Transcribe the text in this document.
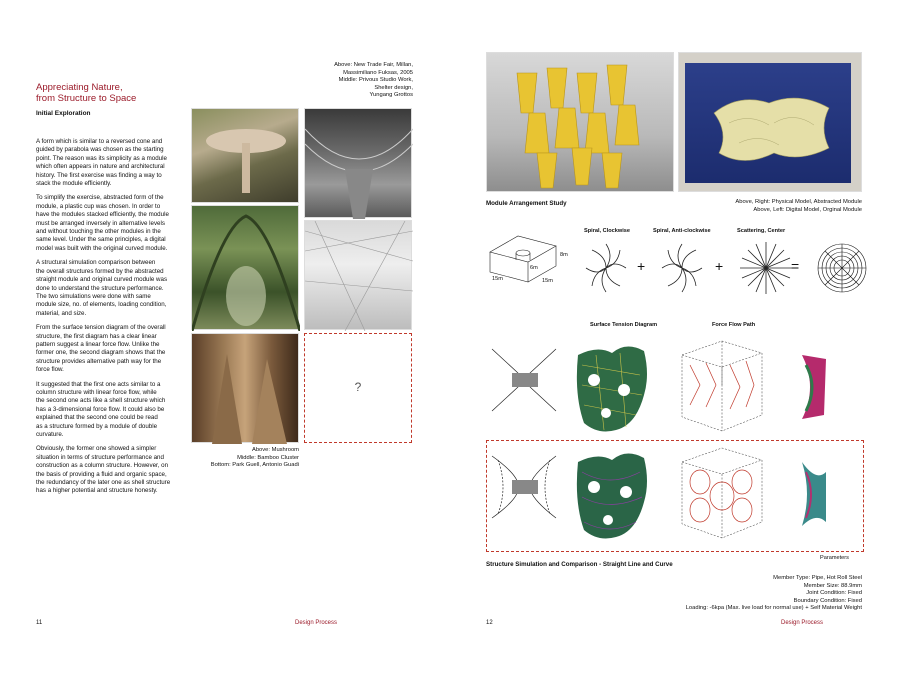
Appreciating Nature,
from Structure to Space
Initial Exploration
Above: New Trade Fair, Millan,
Massimiliano Fuksas, 2005
Middle: Privous Studio Work,
Shelter design,
Yungang Grottos

A form which is similar to a reversed cone and
guided by parabola was chosen as the starting
point. The reason was its simplicity as a module
which often appears in nature and architectural
history. The first exercise was finding a way to
stack the module efficiently.

To simplify the exercise, abstracted form of the
module, a plastic cup was chosen. In order to
have the modules stacked efficiently, the module
must be arranged inversely in alternative levels
and without touching the other modules in the
same level. Under the same principles, a digital
model was built with the original curved module.

A structural simulation comparison between
the overall structures formed by the abstracted
straight module and original curved module was
done to understand the structure performance.
The two simulations were done with same
module size, no. of elements, loading condition,
material, and size.

From the surface tension diagram of the overall
structure, the first diagram has a clear linear
pattern suggest a linear force flow. Unlike the
former one, the second diagram shows that the
structure provides alternative path way for the
force flow.

It suggested that the first one acts similar to a
column structure with linear force flow, while
the second one acts like a shell structure which
has a 3-dimensional force flow. It could also be
explained that the second one could be read
as a structure formed by a module of double
curvature.

Obviously, the former one showed a simpler
situation in terms of structure performance and
construction as a column structure. However, on
the basis of providing a fluid and organic space,
the redundancy of the later one as shell structure
has a higher potential and structure honesty.

?
Above: Mushroom
Middle: Bamboo Cluster
Bottom: Park Guell, Antonio Guadi
11	Design Process
Module Arrangement Study	Above, Right: Physical Model, Abstracted Module
Above, Left: Digital Model, Orginal Module
8m
6m
15m	15m
Spiral, Clockwise	Spiral, Anti-clockwise	Scattering, Center
+	+	=
Surface Tension Diagram	Force Flow Path
Parameters
Structure Simulation and Comparison - Straight Line and Curve
Member Type: Pipe, Hot Roll Steel
Member Size: 88.9mm
Joint Condition: Fixed
Boundary Condition: Fixed
Loading: -6kpa (Max. live load for normal use) + Self Material Weight
12	Design Process
